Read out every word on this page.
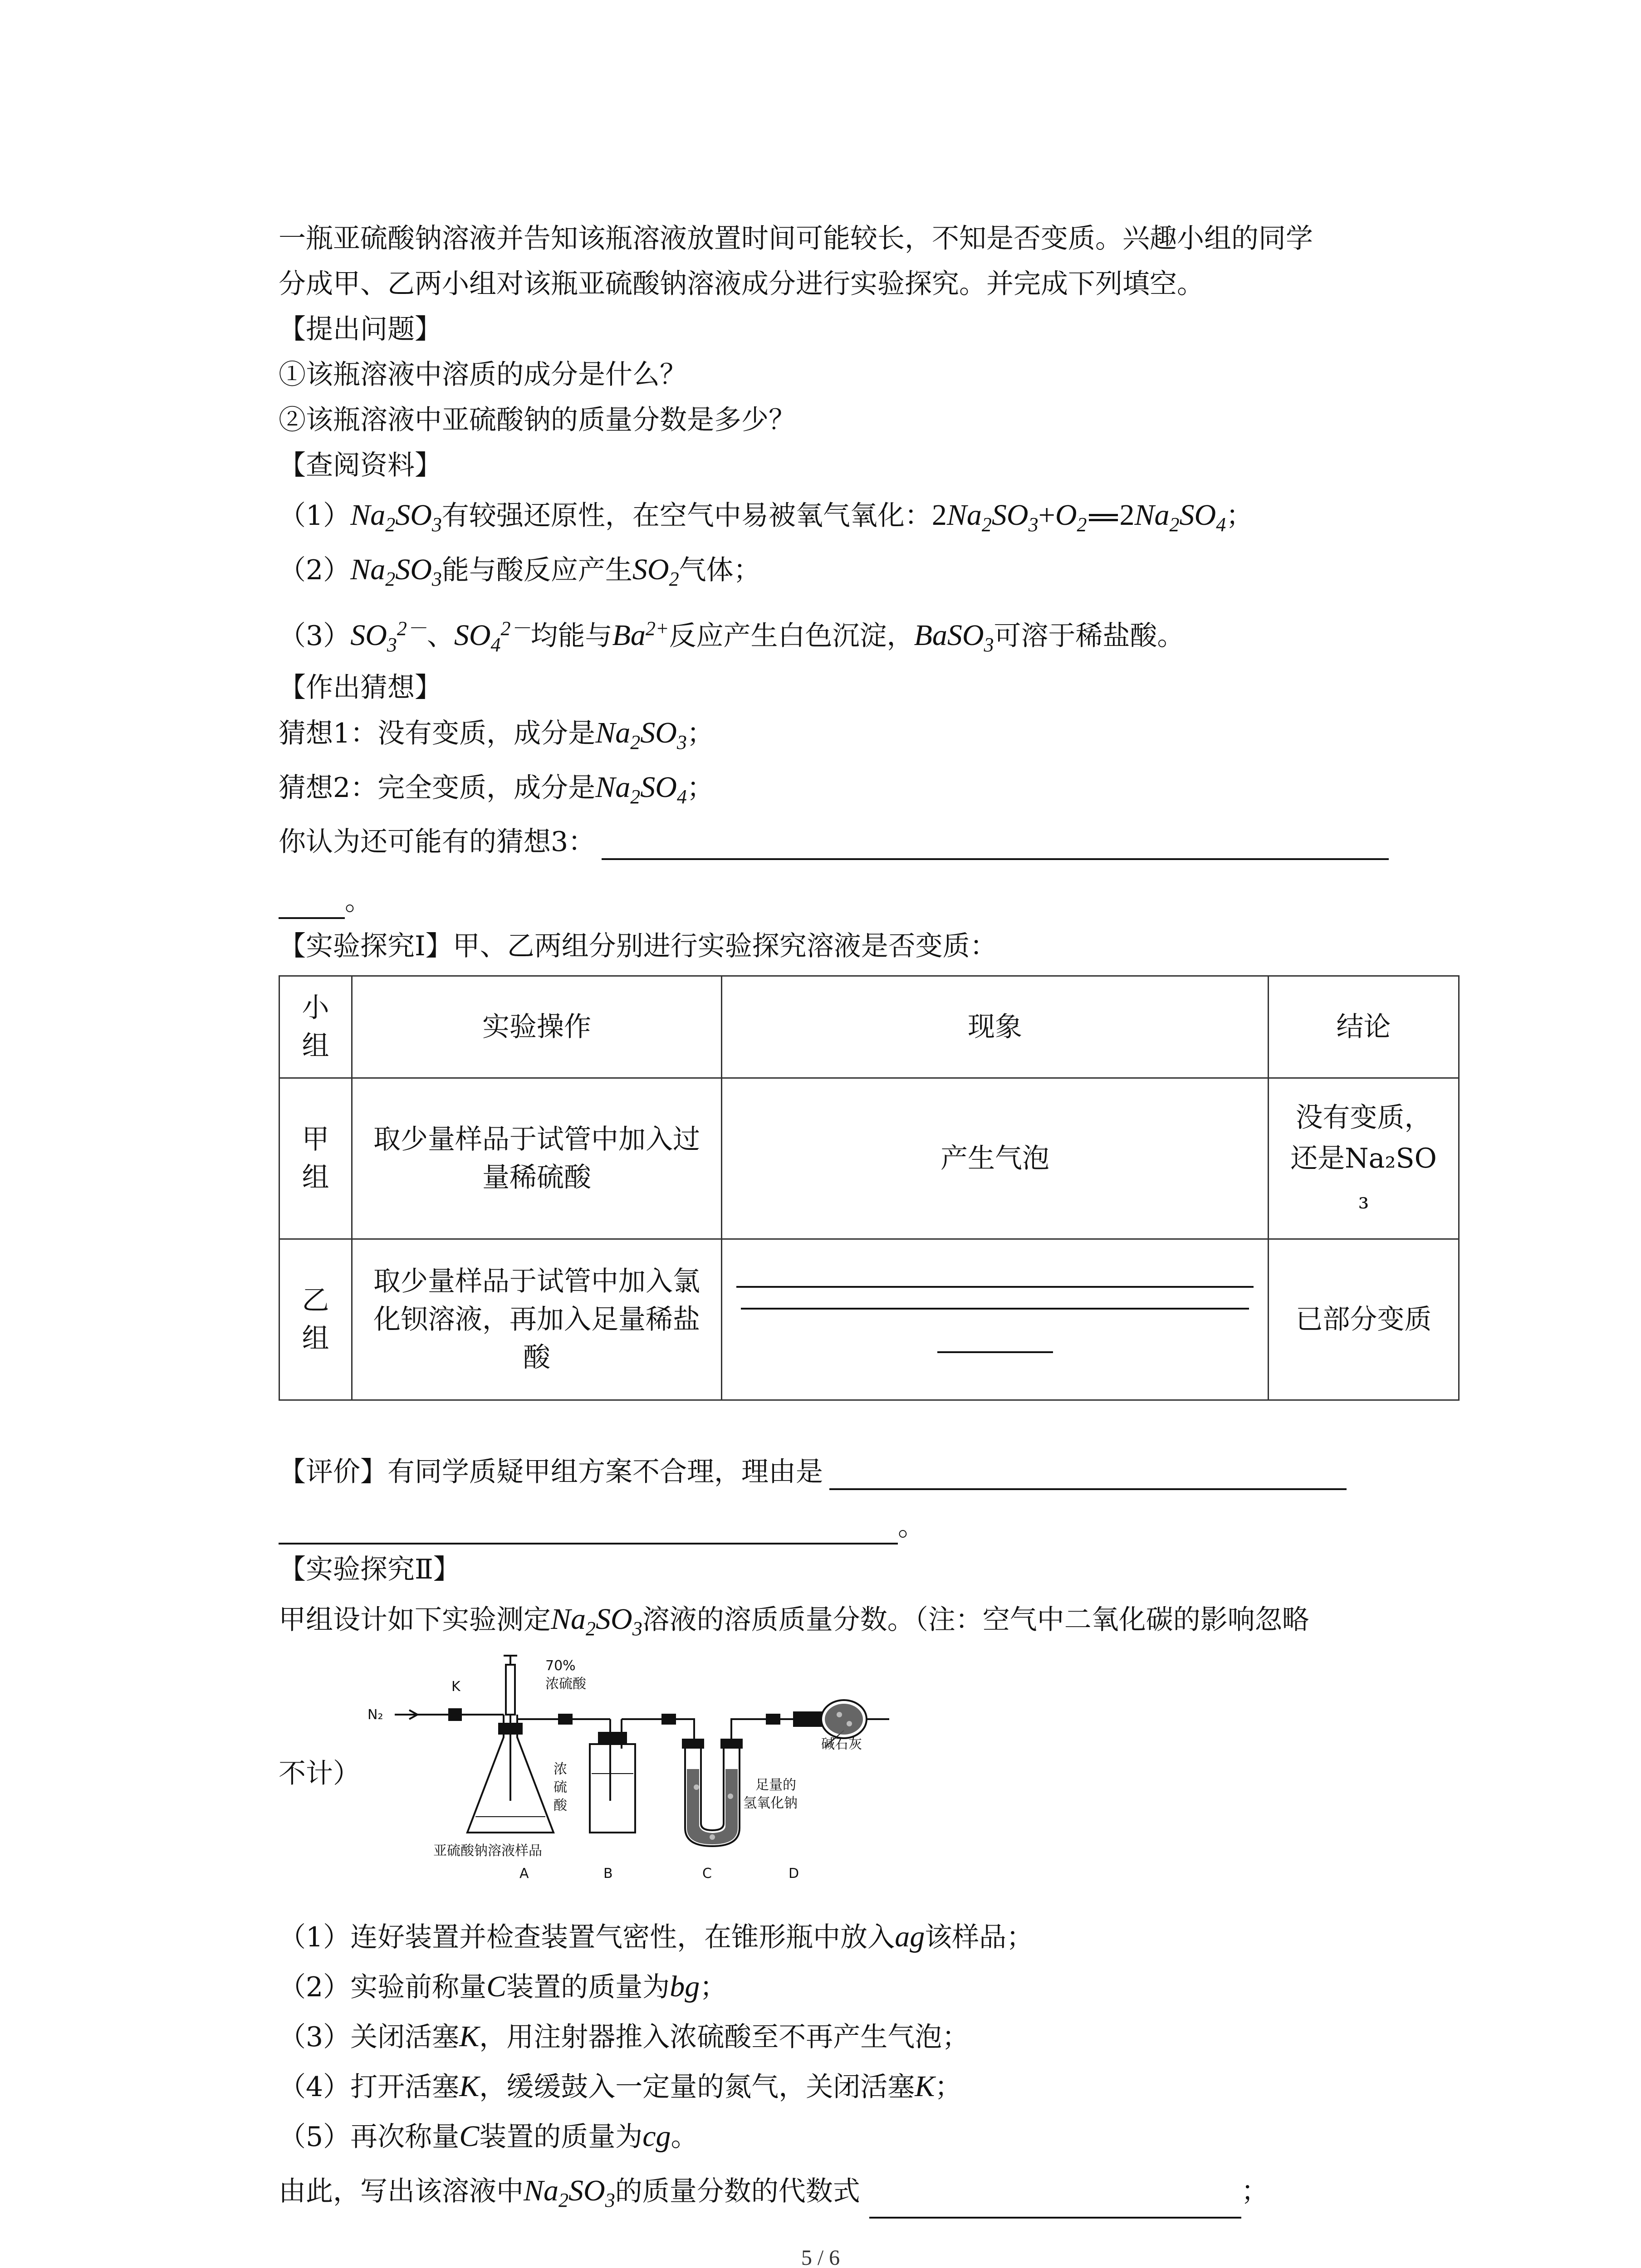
一瓶亚硫酸钠溶液并告知该瓶溶液放置时间可能较长，不知是否变质。兴趣小组的同学
分成甲、乙两小组对该瓶亚硫酸钠溶液成分进行实验探究。并完成下列填空。
【提出问题】
①该瓶溶液中溶质的成分是什么？
②该瓶溶液中亚硫酸钠的质量分数是多少？
【查阅资料】
$(1)Na_2SO_3$有较强还原性，在空气中易被氧气氧化：$2Na_2SO_3+O_2$ $2Na_2SO_4$；
$(2)Na_2SO_3$能与酸反应产生$SO_2$气体；
$(3)SO_3^{2-}$、$SO_4^{2-}$均能与$Ba^{2+}$反应产生白色沉淀，BaSO$_3$可溶于稀盐酸。
【作出猜想】
猜想1：没有变质，成分是$Na_2SO_3$；
猜想2：完全变质，成分是$Na_2SO_4$；
你认为还可能有的猜想3：
。
【实验探究Ⅰ】甲、乙两组分别进行实验探究溶液是否变质：
小组	实验操作	现象	结论
甲组	取少量样品于试管中加入过量稀硫酸	产生气泡	没有变质，还是Na₂SO₃
乙组	取少量样品于试管中加入氯化钡溶液，再加入足量稀盐酸		已部分变质
【评价】有同学质疑甲组方案不合理，理由是
。
【实验探究Ⅱ】
甲组设计如下实验测定$Na_2SO_3$溶液的溶质质量分数。（注：空气中二氧化碳的影响忽略
不计）
N₂
K
70%
浓硫酸
碱石灰
浓
硫
酸
足量的
氢氧化钠
亚硫酸钠溶液样品
A	B	C	D
（1）连好装置并检查装置气密性，在锥形瓶中放入ag该样品；
（2）实验前称量C装置的质量为bg；
（3）关闭活塞K，用注射器推入浓硫酸至不再产生气泡；
（4）打开活塞K，缓缓鼓入一定量的氮气，关闭活塞K；
（5）再次称量C装置的质量为cg。
由此，写出该溶液中$Na_2SO_3$的质量分数的代数式	；
5 / 6
